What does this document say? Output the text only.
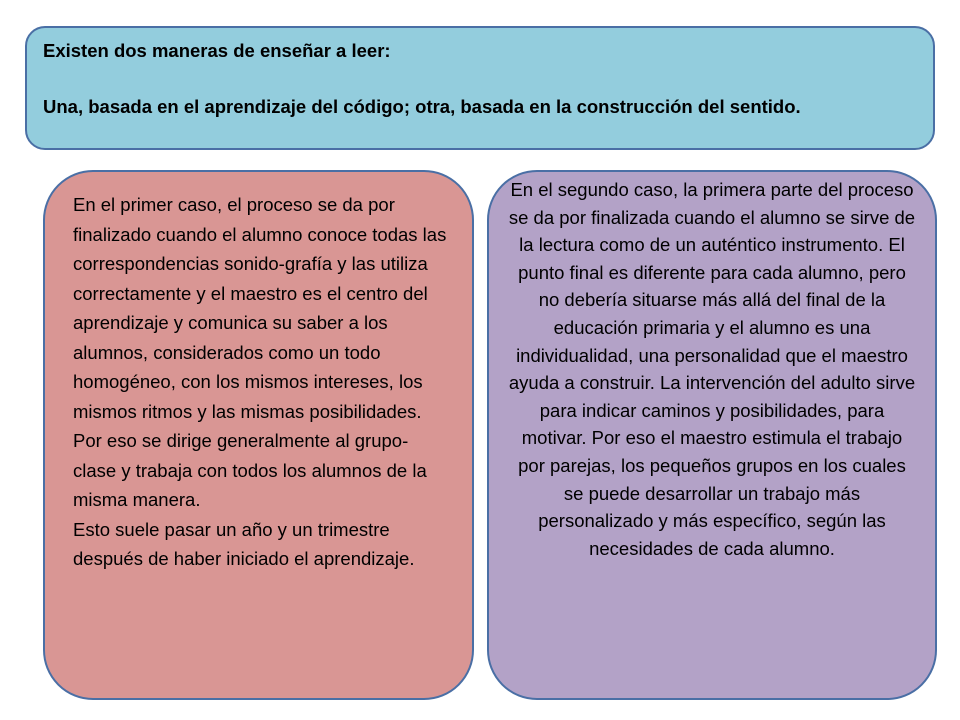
Existen dos maneras de enseñar a leer:

Una, basada en el aprendizaje del código; otra, basada en la construcción del sentido.

En el primer caso, el proceso se da por finalizado cuando el alumno conoce todas las correspondencias sonido-grafía y las utiliza correctamente y el maestro es el centro del aprendizaje y comunica su saber a los alumnos, considerados como un todo homogéneo, con los mismos intereses, los mismos ritmos y las mismas posibilidades. Por eso se dirige generalmente al grupo-clase y trabaja con todos los alumnos de la misma manera.

Esto suele pasar un año y un trimestre después de haber iniciado el aprendizaje.

En el segundo caso, la primera parte del proceso se da por finalizada cuando el alumno se sirve de la lectura como de un auténtico instrumento. El punto final es diferente para cada alumno, pero no debería situarse más allá del final de la educación primaria y el alumno es una individualidad, una personalidad que el maestro ayuda a construir. La intervención del adulto sirve para indicar caminos y posibilidades, para motivar. Por eso el maestro estimula el trabajo por parejas, los pequeños grupos en los cuales se puede desarrollar un trabajo más personalizado y más específico, según las necesidades de cada alumno.
